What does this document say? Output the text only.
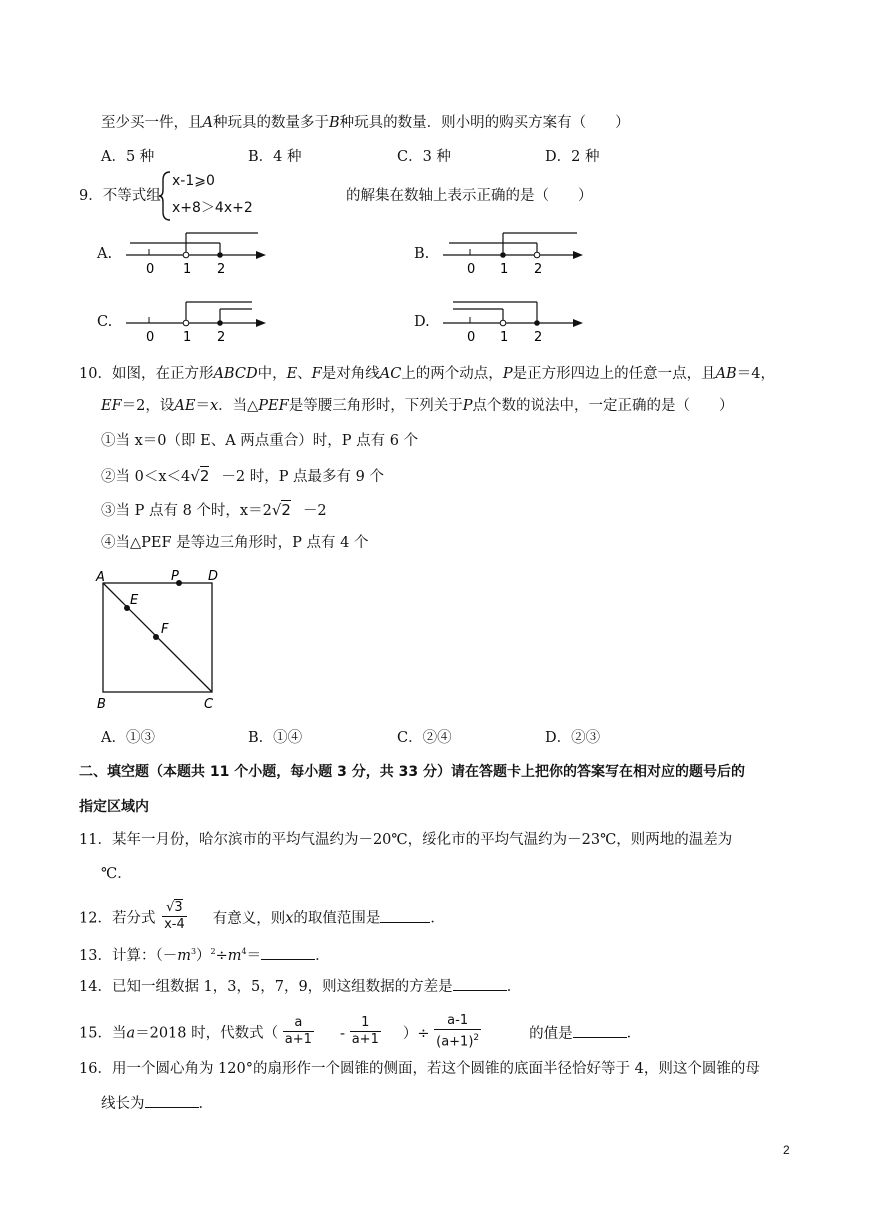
至少买一件，且A种玩具的数量多于B种玩具的数量．则小明的购买方案有（　　）
A．5 种	B．4 种	C．3 种	D．2 种
9．不等式组
x-1⩾0
x+8＞4x+2
的解集在数轴上表示正确的是（　　）
A.	B.
C.	D.
0 1 2	0 1 2
0 1 2	0 1 2
10．如图，在正方形ABCD中，E、F是对角线AC上的两个动点，P是正方形四边上的任意一点，且AB＝4，
EF＝2，设AE＝x．当△PEF是等腰三角形时，下列关于P点个数的说法中，一定正确的是（　　）
①当 x＝0（即 E、A 两点重合）时，P 点有 6 个
②当 0＜x＜4√2 －2 时，P 点最多有 9 个
③当 P 点有 8 个时，x＝2√2 －2
④当△PEF 是等边三角形时，P 点有 4 个
A	P D
E
F
B	C
A．①③	B．①④	C．②④	D．②③
二、填空题（本题共 11 个小题，每小题 3 分，共 33 分）请在答题卡上把你的答案写在相对应的题号后的
指定区域内
11．某年一月份，哈尔滨市的平均气温约为－20℃，绥化市的平均气温约为－23℃，则两地的温差为
℃．
12．若分式 $\frac{√3}{x-4}$ 有意义，则x的取值范围是	．
13．计算：$(-m^3)^2\div m^4=$	．
14．已知一组数据 1，3，5，7，9，则这组数据的方差是	．
15．当a＝2018 时，代数式（ $\frac{a}{a+1} - \frac{1}{a+1}$ ）÷ $\frac{a-1}{(a+1)^2}$	的值是	．
16．用一个圆心角为 120°的扇形作一个圆锥的侧面，若这个圆锥的底面半径恰好等于 4，则这个圆锥的母
线长为	．
2
